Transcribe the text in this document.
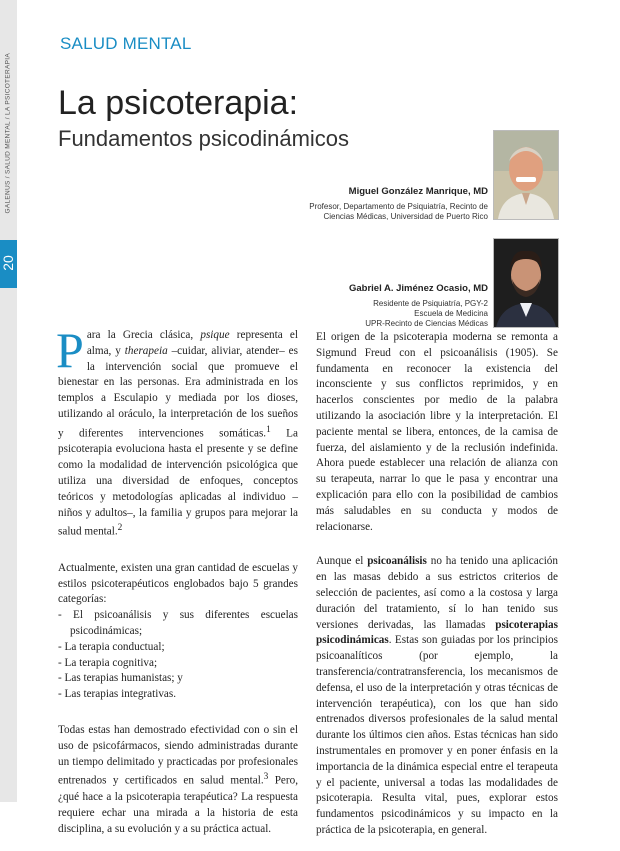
GALENUS / SALUD MENTAL / LA PSICOTERAPIA
20
SALUD MENTAL
La psicoterapia:
Fundamentos psicodinámicos
Miguel González Manrique, MD
Profesor, Departamento de Psiquiatría, Recinto de
Ciencias Médicas, Universidad de Puerto Rico
Gabriel A. Jiménez Ocasio, MD
Residente de Psiquiatría, PGY-2
Escuela de Medicina
UPR-Recinto de Ciencias Médicas

Para la Grecia clásica, psique representa el alma, y therapeia –cuidar, aliviar, atender– es la intervención social que promueve el bienestar en las personas. Era administrada en los templos a Esculapio y mediada por los dioses, utilizando al oráculo, la interpretación de los sueños y diferentes intervenciones somáticas.$^1$ La psicoterapia evoluciona hasta el presente y se define como la modalidad de intervención psicológica que utiliza una diversidad de enfoques, conceptos teóricos y metodologías aplicadas al individuo –niños y adultos–, la familia y grupos para mejorar la salud mental.$^2$

Actualmente, existen una gran cantidad de escuelas y estilos psicoterapéuticos englobados bajo 5 grandes categorías:

- El psicoanálisis y sus diferentes escuelas psicodinámicas;
- La terapia conductual;
- La terapia cognitiva;
- Las terapias humanistas; y
- Las terapias integrativas.

Todas estas han demostrado efectividad con o sin el uso de psicofármacos, siendo administradas durante un tiempo delimitado y practicadas por profesionales entrenados y certificados en salud mental.$^3$ Pero, ¿qué hace a la psicoterapia terapéutica? La respuesta requiere echar una mirada a la historia de esta disciplina, a su evolución y a su práctica actual.

El origen de la psicoterapia moderna se remonta a Sigmund Freud con el psicoanálisis (1905). Se fundamenta en reconocer la existencia del inconsciente y sus conflictos reprimidos, y en hacerlos conscientes por medio de la palabra utilizando la asociación libre y la interpretación. El paciente mental se libera, entonces, de la camisa de fuerza, del aislamiento y de la reclusión indefinida. Ahora puede establecer una relación de alianza con su terapeuta, narrar lo que le pasa y encontrar una explicación para ello con la posibilidad de cambios más saludables en su conducta y modos de relacionarse.

Aunque el psicoanálisis no ha tenido una aplicación en las masas debido a sus estrictos criterios de selección de pacientes, así como a la costosa y larga duración del tratamiento, sí lo han tenido sus versiones derivadas, las llamadas psicoterapias psicodinámicas. Estas son guiadas por los principios psicoanalíticos (por ejemplo, la transferencia/contratransferencia, los mecanismos de defensa, el uso de la interpretación y otras técnicas de intervención terapéutica), con los que han sido entrenados diversos profesionales de la salud mental durante los últimos cien años. Estas técnicas han sido instrumentales en promover y en poner énfasis en la importancia de la dinámica especial entre el terapeuta y el paciente, universal a todas las modalidades de psicoterapia. Resulta vital, pues, explorar estos fundamentos psicodinámicos y su impacto en la práctica de la psicoterapia, en general.
